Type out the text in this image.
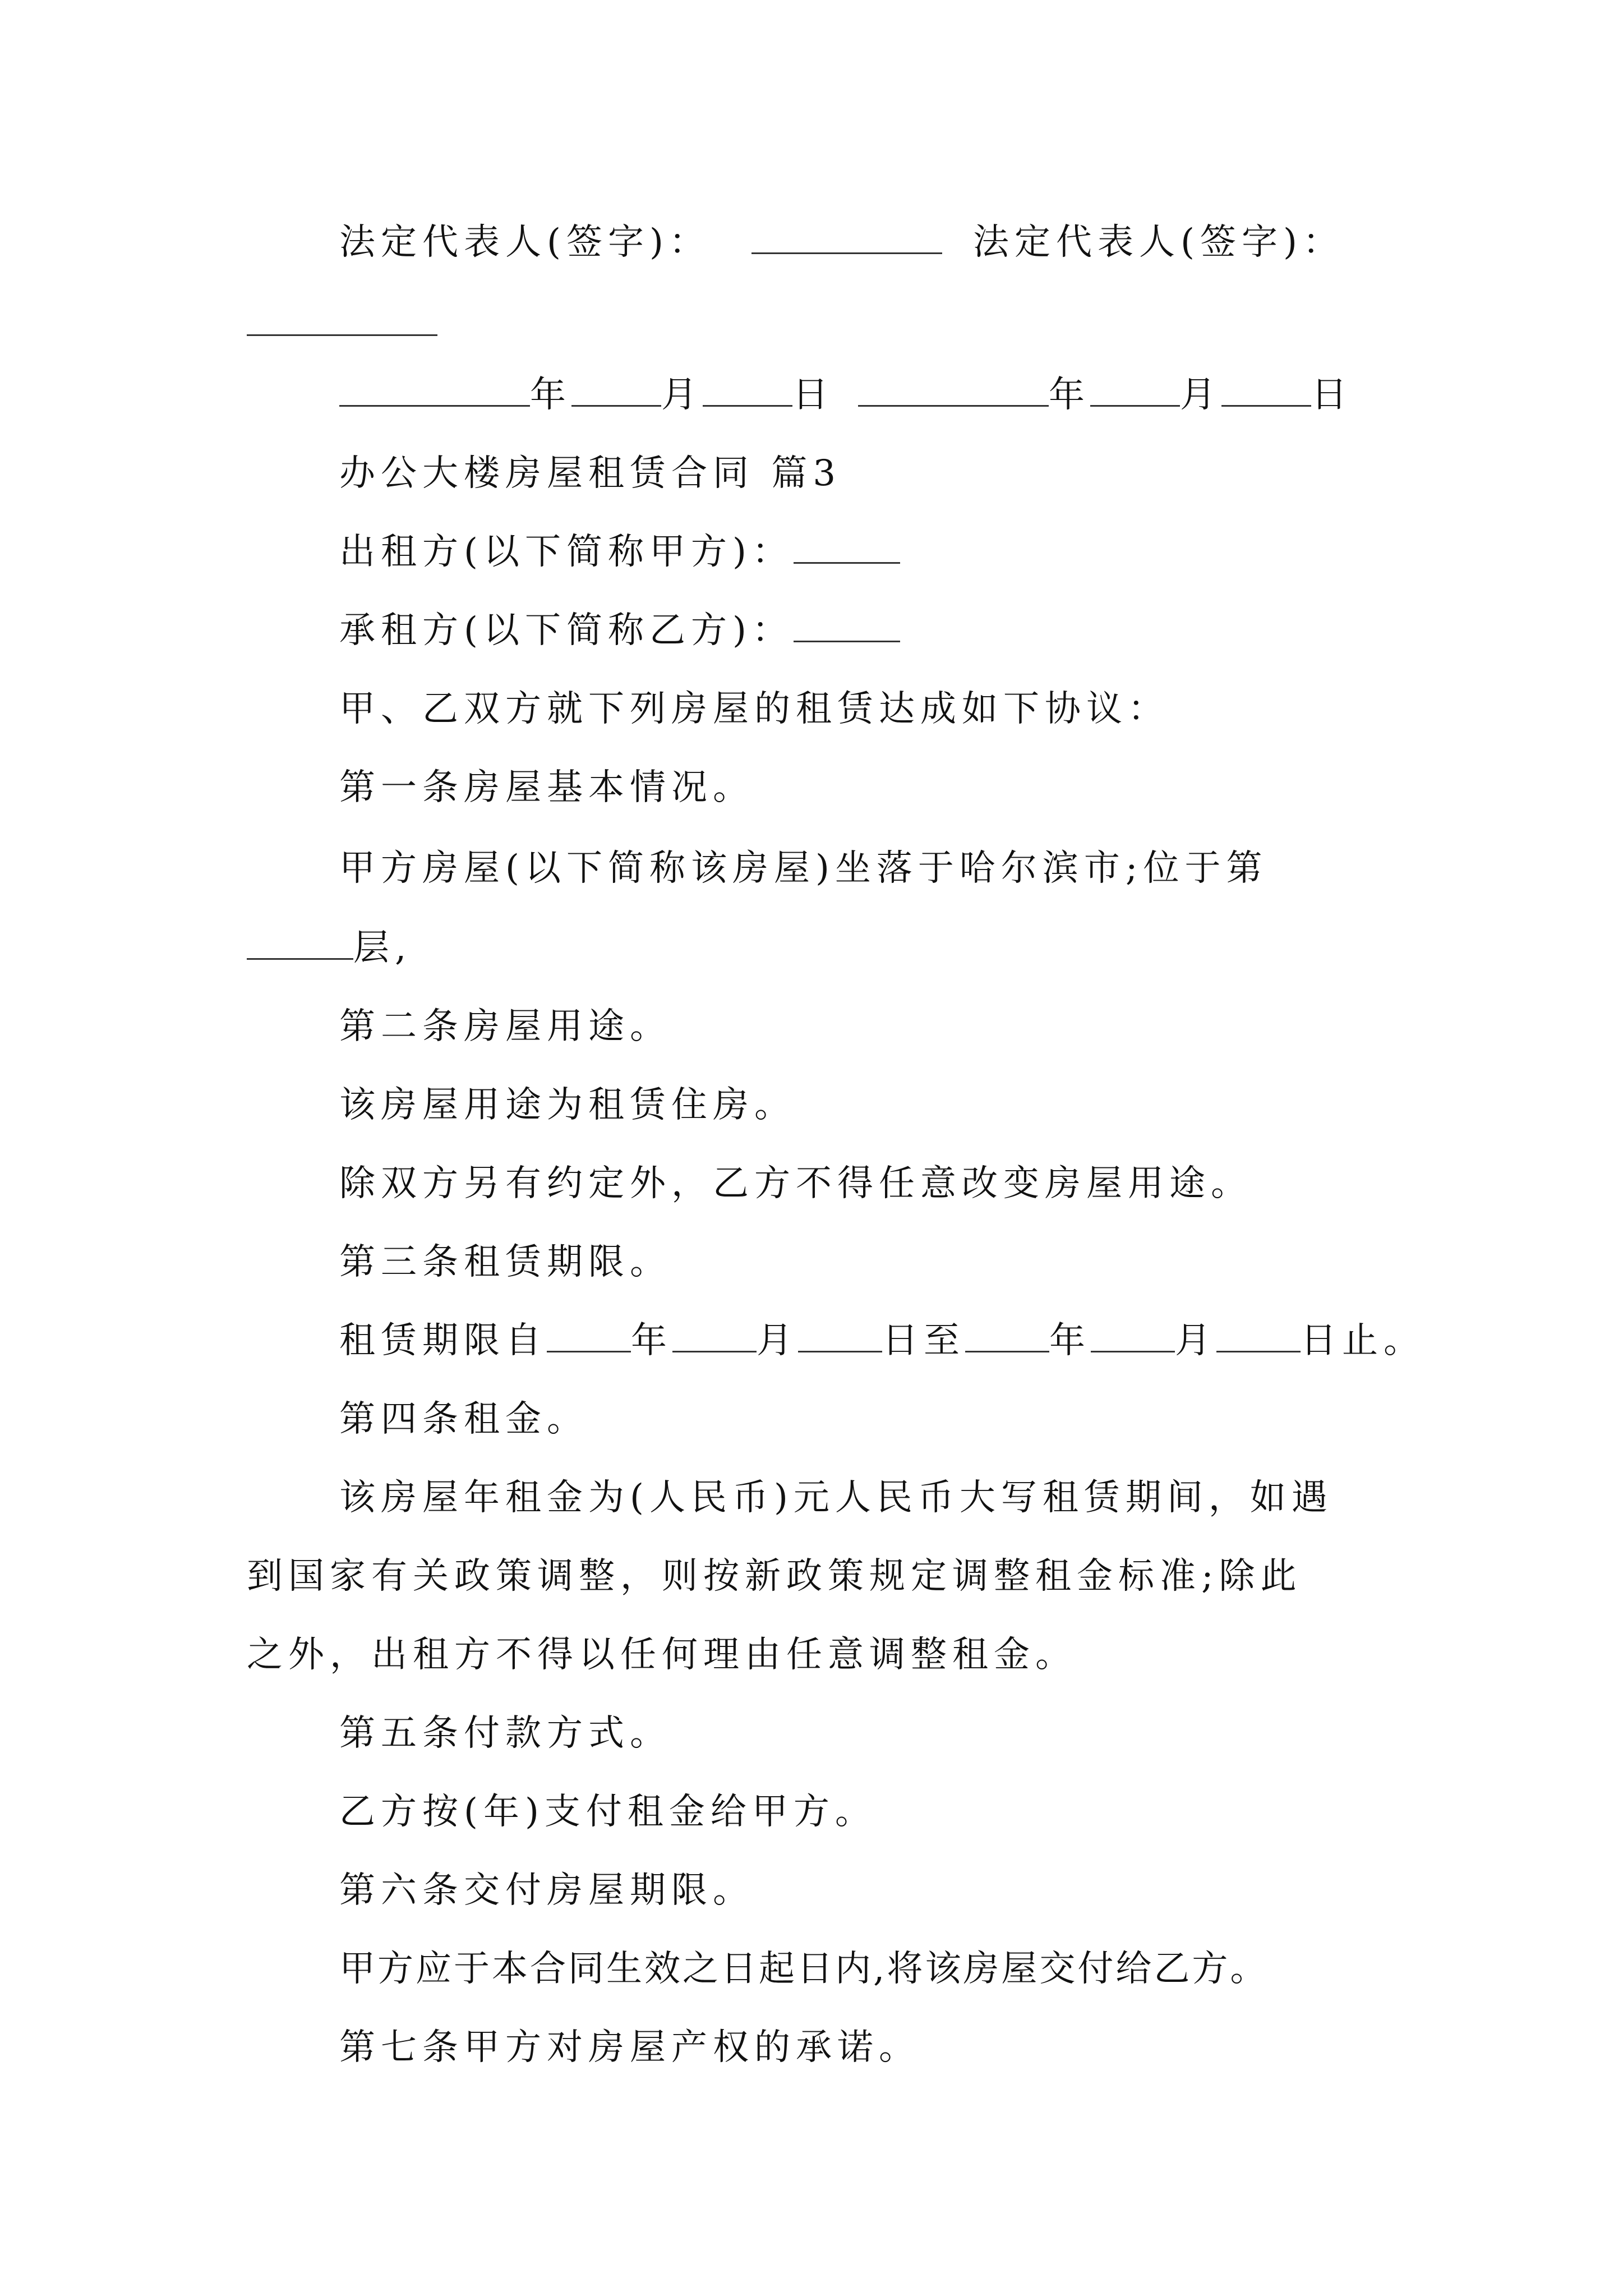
法定代表人(签字)：	法定代表人(签字)：
年	月	日	年	月	日
办公大楼房屋租赁合同 篇3
出租方(以下简称甲方)：
承租方(以下简称乙方)：
甲、乙双方就下列房屋的租赁达成如下协议：
第一条房屋基本情况。
甲方房屋(以下简称该房屋)坐落于哈尔滨市;位于第
层,
第二条房屋用途。
该房屋用途为租赁住房。
除双方另有约定外，乙方不得任意改变房屋用途。
第三条租赁期限。
租赁期限自 年 月 日至 年 月 日止。
第四条租金。
该房屋年租金为(人民币)元人民币大写租赁期间，如遇
到国家有关政策调整，则按新政策规定调整租金标准;除此
之外，出租方不得以任何理由任意调整租金。
第五条付款方式。
乙方按(年)支付租金给甲方。
第六条交付房屋期限。
甲方应于本合同生效之日起日内,将该房屋交付给乙方。
第七条甲方对房屋产权的承诺。
